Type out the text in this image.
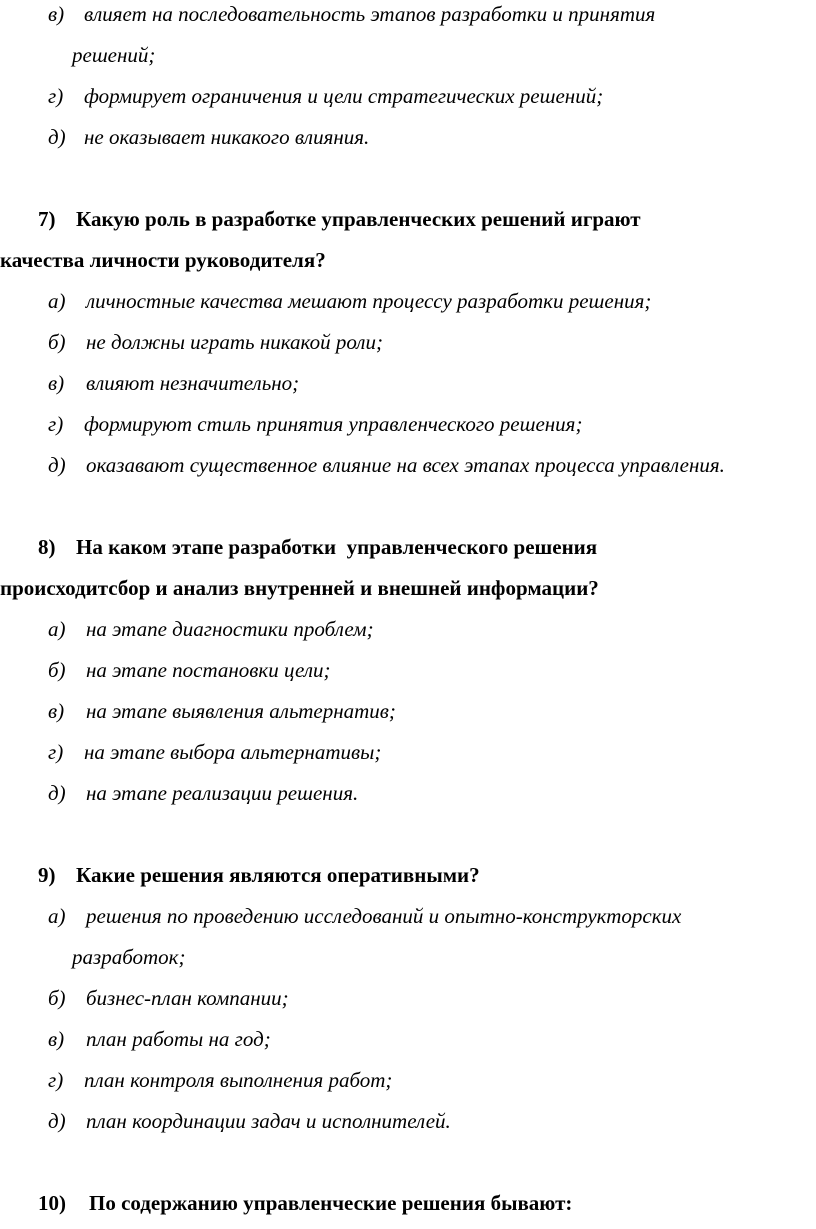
в) влияет на последовательность этапов разработки и принятия
решений;
г) формирует ограничения и цели стратегических решений;
д) не оказывает никакого влияния.
7) Какую роль в разработке управленческих решений играют
качества личности руководителя?
а) личностные качества мешают процессу разработки решения;
б) не должны играть никакой роли;
в) влияют незначительно;
г) формируют стиль принятия управленческого решения;
д) оказавают существенное влияние на всех этапах процесса управления.
8) На каком этапе разработки  управленческого решения
происходитсбор и анализ внутренней и внешней информации?
а) на этапе диагностики проблем;
б) на этапе постановки цели;
в) на этапе выявления альтернатив;
г) на этапе выбора альтернативы;
д) на этапе реализации решения.
9) Какие решения являются оперативными?
а) решения по проведению исследований и опытно-конструкторских
разработок;
б) бизнес-план компании;
в) план работы на год;
г) план контроля выполнения работ;
д) план координации задач и исполнителей.
10) По содержанию управленческие решения бывают:
